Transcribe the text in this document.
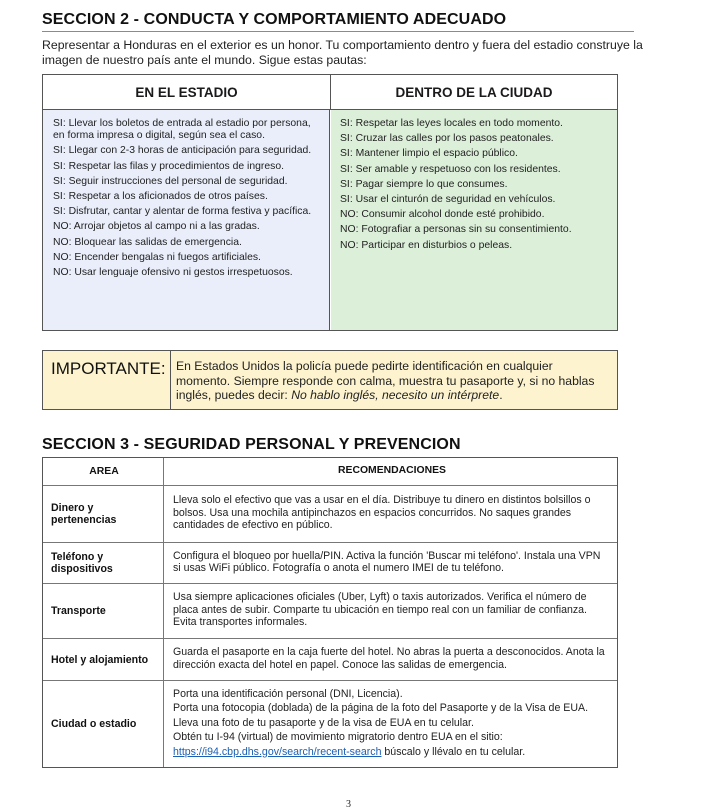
SECCION 2 - CONDUCTA Y COMPORTAMIENTO ADECUADO
Representar a Honduras en el exterior es un honor. Tu comportamiento dentro y fuera del estadio construye la imagen de nuestro país ante el mundo. Sigue estas pautas:
EN EL ESTADIO	DENTRO DE LA CIUDAD
SI: Llevar los boletos de entrada al estadio por persona, en forma impresa o digital, según sea el caso.
SI: Llegar con 2-3 horas de anticipación para seguridad.
SI: Respetar las filas y procedimientos de ingreso.
SI: Seguir instrucciones del personal de seguridad.
SI: Respetar a los aficionados de otros países.
SI: Disfrutar, cantar y alentar de forma festiva y pacífica.
NO: Arrojar objetos al campo ni a las gradas.
NO: Bloquear las salidas de emergencia.
NO: Encender bengalas ni fuegos artificiales.
NO: Usar lenguaje ofensivo ni gestos irrespetuosos.
SI: Respetar las leyes locales en todo momento.
SI: Cruzar las calles por los pasos peatonales.
SI: Mantener limpio el espacio público.
SI: Ser amable y respetuoso con los residentes.
SI: Pagar siempre lo que consumes.
SI: Usar el cinturón de seguridad en vehículos.
NO: Consumir alcohol donde esté prohibido.
NO: Fotografiar a personas sin su consentimiento.
NO: Participar en disturbios o peleas.
IMPORTANTE: En Estados Unidos la policía puede pedirte identificación en cualquier momento. Siempre responde con calma, muestra tu pasaporte y, si no hablas inglés, puedes decir: No hablo inglés, necesito un intérprete.
SECCION 3 - SEGURIDAD PERSONAL Y PREVENCION
AREA	RECOMENDACIONES
Dinero y pertenencias
Lleva solo el efectivo que vas a usar en el día. Distribuye tu dinero en distintos bolsillos o bolsos. Usa una mochila antipinchazos en espacios concurridos. No saques grandes cantidades de efectivo en público.
Teléfono y dispositivos
Configura el bloqueo por huella/PIN. Activa la función 'Buscar mi teléfono'. Instala una VPN si usas WiFi público. Fotografía o anota el numero IMEI de tu teléfono.
Transporte
Usa siempre aplicaciones oficiales (Uber, Lyft) o taxis autorizados. Verifica el número de placa antes de subir. Comparte tu ubicación en tiempo real con un familiar de confianza. Evita transportes informales.
Hotel y alojamiento
Guarda el pasaporte en la caja fuerte del hotel. No abras la puerta a desconocidos. Anota la dirección exacta del hotel en papel. Conoce las salidas de emergencia.
Ciudad o estadio
Porta una identificación personal (DNI, Licencia).
Porta una fotocopia (doblada) de la página de la foto del Pasaporte y de la Visa de EUA.
Lleva una foto de tu pasaporte y de la visa de EUA en tu celular.
Obtén tu I-94 (virtual) de movimiento migratorio dentro EUA en el sitio:
https://i94.cbp.dhs.gov/search/recent-search búscalo y llévalo en tu celular.
3
